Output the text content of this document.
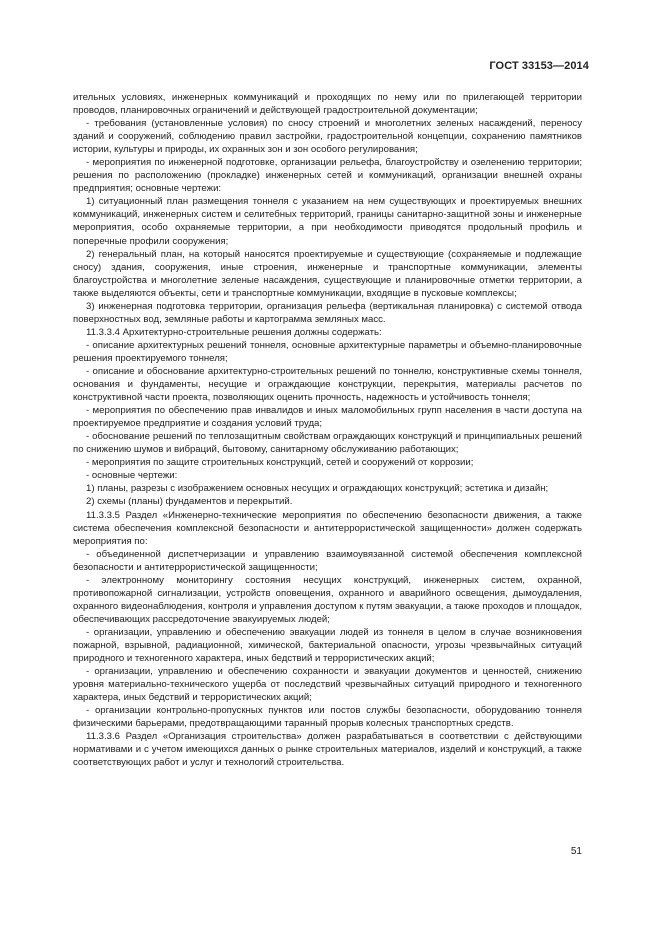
ГОСТ 33153—2014

ительных условиях, инженерных коммуникаций и проходящих по нему или по прилегающей территории проводов, планировочных ограничений и действующей градостроительной документации;

- требования (установленные условия) по сносу строений и многолетних зеленых насаждений, переносу зданий и сооружений, соблюдению правил застройки, градостроительной концепции, сохранению памятников истории, культуры и природы, их охранных зон и зон особого регулирования;

- мероприятия по инженерной подготовке, организации рельефа, благоустройству и озеленению территории; решения по расположению (прокладке) инженерных сетей и коммуникаций, организации внешней охраны предприятия; основные чертежи:

1) ситуационный план размещения тоннеля с указанием на нем существующих и проектируемых внешних коммуникаций, инженерных систем и селитебных территорий, границы санитарно-защитной зоны и инженерные мероприятия, особо охраняемые территории, а при необходимости приводятся продольный профиль и поперечные профили сооружения;

2) генеральный план, на который наносятся проектируемые и существующие (сохраняемые и подлежащие сносу) здания, сооружения, иные строения, инженерные и транспортные коммуникации, элементы благоустройства и многолетние зеленые насаждения, существующие и планировочные отметки территории, а также выделяются объекты, сети и транспортные коммуникации, входящие в пусковые комплексы;

3) инженерная подготовка территории, организация рельефа (вертикальная планировка) с системой отвода поверхностных вод, земляные работы и картограмма земляных масс.

11.3.3.4 Архитектурно-строительные решения должны содержать:

- описание архитектурных решений тоннеля, основные архитектурные параметры и объемно-планировочные решения проектируемого тоннеля;

- описание и обоснование архитектурно-строительных решений по тоннелю, конструктивные схемы тоннеля, основания и фундаменты, несущие и ограждающие конструкции, перекрытия, материалы расчетов по конструктивной части проекта, позволяющих оценить прочность, надежность и устойчивость тоннеля;

- мероприятия по обеспечению прав инвалидов и иных маломобильных групп населения в части доступа на проектируемое предприятие и создания условий труда;

- обоснование решений по теплозащитным свойствам ограждающих конструкций и принципиальных решений по снижению шумов и вибраций, бытовому, санитарному обслуживанию работающих;

- мероприятия по защите строительных конструкций, сетей и сооружений от коррозии;

- основные чертежи:

1) планы, разрезы с изображением основных несущих и ограждающих конструкций; эстетика и дизайн;

2) схемы (планы) фундаментов и перекрытий.

11.3.3.5 Раздел «Инженерно-технические мероприятия по обеспечению безопасности движения, а также система обеспечения комплексной безопасности и антитеррористической защищенности» должен содержать мероприятия по:

- объединенной диспетчеризации и управлению взаимоувязанной системой обеспечения комплексной безопасности и антитеррористической защищенности;

- электронному мониторингу состояния несущих конструкций, инженерных систем, охранной, противопожарной сигнализации, устройств оповещения, охранного и аварийного освещения, дымоудаления, охранного видеонаблюдения, контроля и управления доступом к путям эвакуации, а также проходов и площадок, обеспечивающих рассредоточение эвакуируемых людей;

- организации, управлению и обеспечению эвакуации людей из тоннеля в целом в случае возникновения пожарной, взрывной, радиационной, химической, бактериальной опасности, угрозы чрезвычайных ситуаций природного и техногенного характера, иных бедствий и террористических акций;

- организации, управлению и обеспечению сохранности и эвакуации документов и ценностей, снижению уровня материально-технического ущерба от последствий чрезвычайных ситуаций природного и техногенного характера, иных бедствий и террористических акций;

- организации контрольно-пропускных пунктов или постов службы безопасности, оборудованию тоннеля физическими барьерами, предотвращающими таранный прорыв колесных транспортных средств.

11.3.3.6 Раздел «Организация строительства» должен разрабатываться в соответствии с действующими нормативами и с учетом имеющихся данных о рынке строительных материалов, изделий и конструкций, а также соответствующих работ и услуг и технологий строительства.

51
